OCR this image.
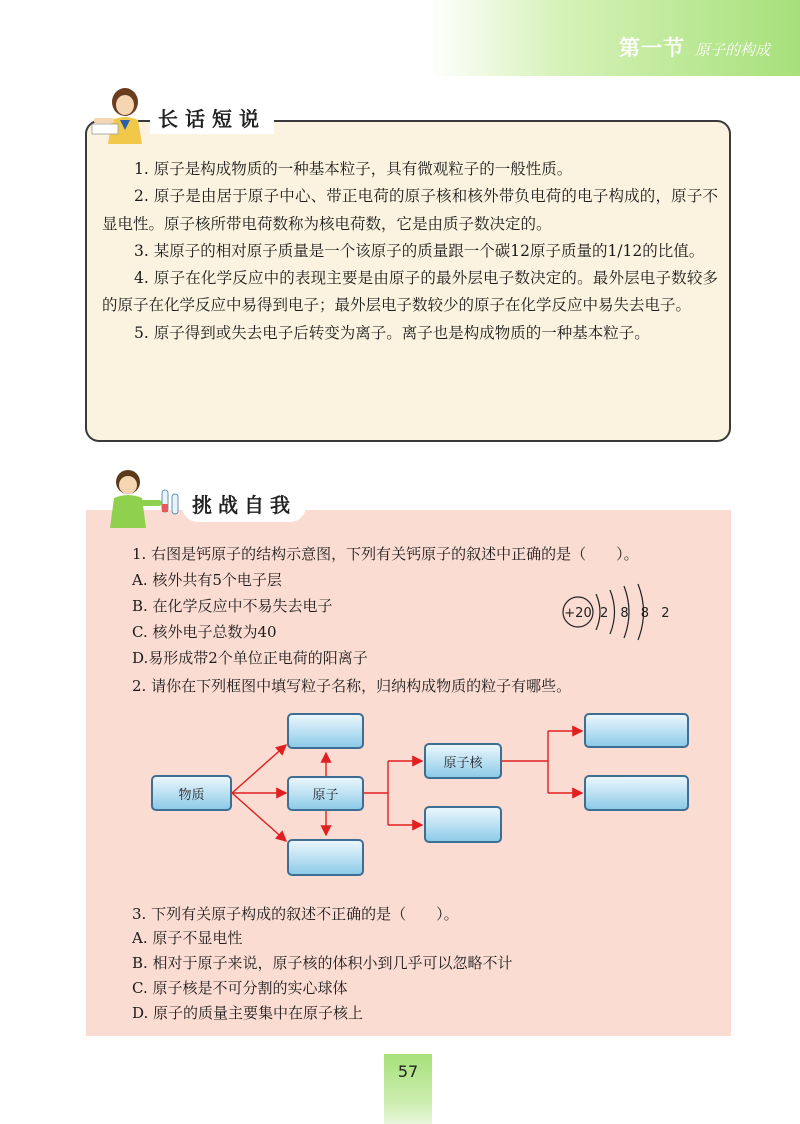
第一节 原子的构成
长话短说

1. 原子是构成物质的一种基本粒子，具有微观粒子的一般性质。

2. 原子是由居于原子中心、带正电荷的原子核和核外带负电荷的电子构成的，原子不显电性。原子核所带电荷数称为核电荷数，它是由质子数决定的。

3. 某原子的相对原子质量是一个该原子的质量跟一个碳12原子质量的1/12的比值。

4. 原子在化学反应中的表现主要是由原子的最外层电子数决定的。最外层电子数较多的原子在化学反应中易得到电子；最外层电子数较少的原子在化学反应中易失去电子。

5. 原子得到或失去电子后转变为离子。离子也是构成物质的一种基本粒子。

挑战自我
1. 右图是钙原子的结构示意图，下列有关钙原子的叙述中正确的是（　　）。
A. 核外共有5个电子层
B. 在化学反应中不易失去电子
C. 核外电子总数为40
D.易形成带2个单位正电荷的阳离子
+20 2 8 8 2
2. 请你在下列框图中填写粒子名称，归纳构成物质的粒子有哪些。
物质	原子
原子核
3. 下列有关原子构成的叙述不正确的是（　　）。
A. 原子不显电性
B. 相对于原子来说，原子核的体积小到几乎可以忽略不计
C. 原子核是不可分割的实心球体
D. 原子的质量主要集中在原子核上
57
